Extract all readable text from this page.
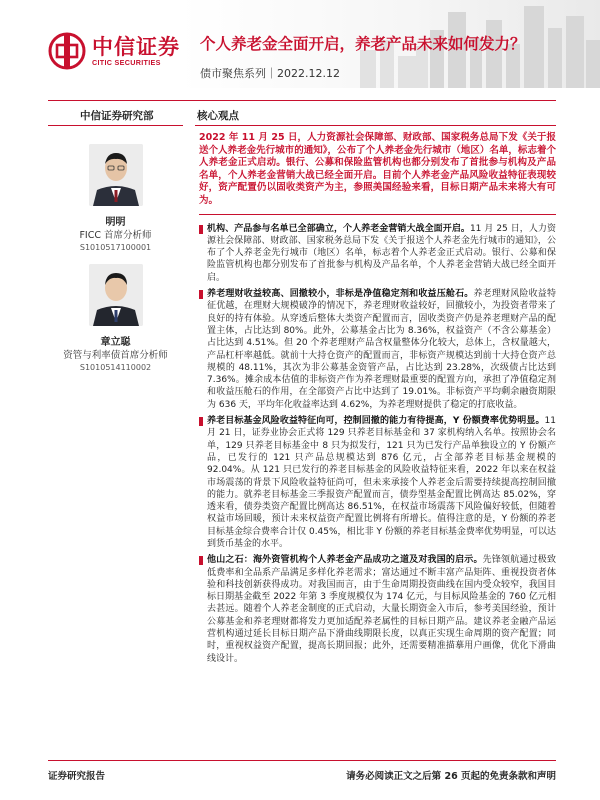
中信证券
CITIC SECURITIES
个人养老金全面开启，养老产品未来如何发力？
债市聚焦系列｜2022.12.12
中信证券研究部	核心观点
明明
FICC 首席分析师
S1010517100001
章立聪
资管与利率债首席分析师
S1010514110002
2022 年 11 月 25 日，人力资源社会保障部、财政部、国家税务总局下发《关于报送个人养老金先行城市的通知》，公布了个人养老金先行城市（地区）名单，标志着个人养老金正式启动。银行、公募和保险监管机构也都分别发布了首批参与机构及产品名单，个人养老金营销大战已经全面开启。目前个人养老金产品风险收益特征表现较好，资产配置仍以固收类资产为主，参照美国经验来看，目标日期产品未来将大有可为。
机构、产品参与名单已全部确立，个人养老金营销大战全面开启。11 月 25 日，人力资源社会保障部、财政部、国家税务总局下发《关于报送个人养老金先行城市的通知》，公布了个人养老金先行城市（地区）名单，标志着个人养老金正式启动。银行、公募和保险监管机构也都分别发布了首批参与机构及产品名单，个人养老金营销大战已经全面开启。
养老理财收益较高、回撤较小，非标是净值稳定剂和收益压舱石。养老理财风险收益特征优越，在理财大规模破净的情况下，养老理财收益较好，回撤较小，为投资者带来了良好的持有体验。从穿透后整体大类资产配置而言，固收类资产仍是养老理财产品的配置主体，占比达到 80%。此外，公募基金占比为 8.36%，权益资产（不含公募基金）占比达到 4.51%。但 20 个养老理财产品含权量整体分化较大，总体上，含权量越大，产品杠杆率越低。就前十大持仓资产的配置而言，非标资产规模达到前十大持仓资产总规模的 48.11%，其次为非公募基金资管产品，占比达到 23.28%，次级债占比达到 7.36%。摊余成本估值的非标资产作为养老理财最重要的配置方向，承担了净值稳定剂和收益压舱石的作用，在全部资产占比中达到了 19.01%。非标资产平均剩余融资期限为 636 天，平均年化收益率达到 4.62%，为养老理财提供了稳定的打底收益。
养老目标基金风险收益特征向可，控制回撤的能力有待提高，Y 份额费率优势明显。11 月 21 日，证券业协会正式将 129 只养老目标基金和 37 家机构纳入名单。按照协会名单，129 只养老目标基金中 8 只为拟发行，121 只为已发行产品单独设立的 Y 份额产品，已发行的 121 只产品总规模达到 876 亿元，占全部养老目标基金规模的 92.04%。从 121 只已发行的养老目标基金的风险收益特征来看，2022 年以来在权益市场震荡的背景下风险收益特征尚可，但未来承接个人养老金后需要持续提高控制回撤的能力。就养老目标基金三季报资产配置而言，债券型基金配置比例高达 85.02%，穿透来看，债券类资产配置比例高达 86.51%，在权益市场震荡下风险偏好较低，但随着权益市场回暖，预计未来权益资产配置比例将有所增长。值得注意的是，Y 份额的养老目标基金综合费率合计仅 0.45%，相比非 Y 份额的养老目标基金费率优势明显，可以达到货币基金的水平。
他山之石：海外资管机构个人养老金产品成功之道及对我国的启示。先锋领航通过极致低费率和全品系产品满足多样化养老需求；富达通过不断丰富产品矩阵、重视投资者体验和科技创新获得成功。对我国而言，由于生命周期投资曲线在国内受众较窄，我国目标日期基金截至 2022 年第 3 季度规模仅为 174 亿元，与目标风险基金的 760 亿元相去甚远。随着个人养老金制度的正式启动，大量长期资金入市后，参考美国经验，预计公募基金和养老理财都将发力更加适配养老属性的目标日期产品。建议养老金融产品运营机构通过延长目标日期产品下滑曲线期限长度，以真正实现生命周期的资产配置；同时，重视权益资产配置，提高长期回报；此外，还需要精准描摹用户画像，优化下滑曲线设计。
证券研究报告	请务必阅读正文之后第 26 页起的免责条款和声明
